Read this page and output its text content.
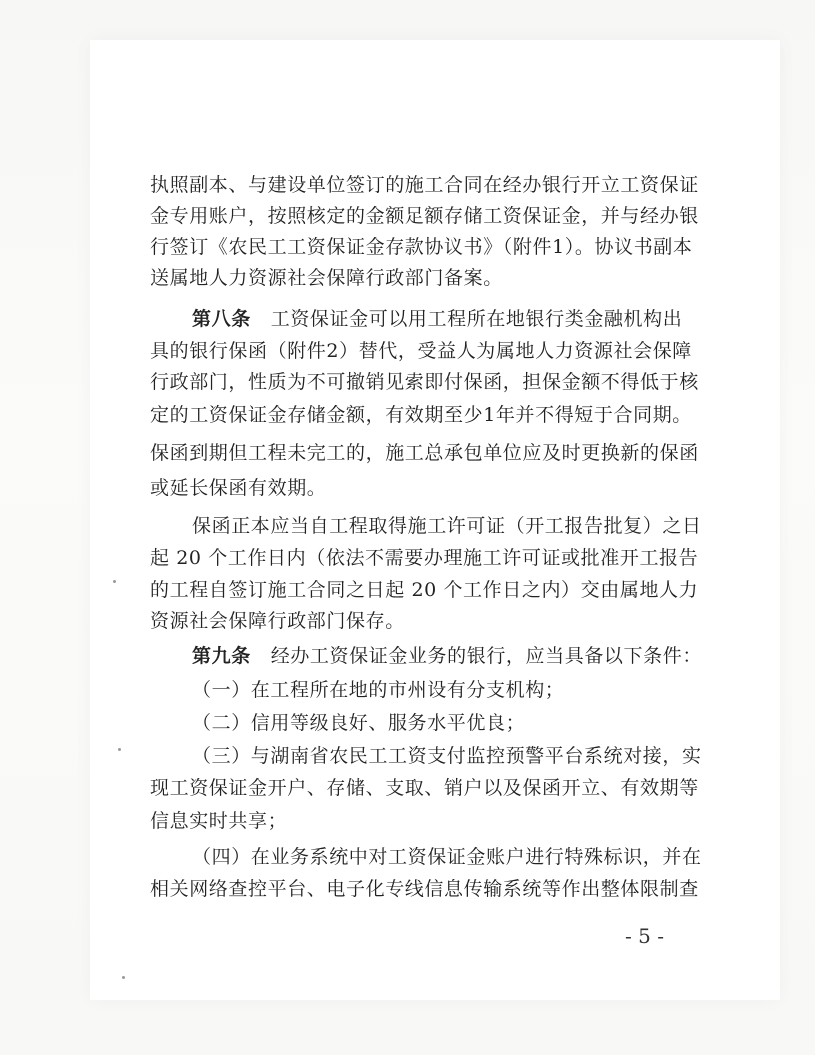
执照副本、与建设单位签订的施工合同在经办银行开立工资保证
金专用账户，按照核定的金额足额存储工资保证金，并与经办银
行签订《农民工工资保证金存款协议书》（附件1）。协议书副本
送属地人力资源社会保障行政部门备案。
第八条 工资保证金可以用工程所在地银行类金融机构出
具的银行保函（附件2）替代，受益人为属地人力资源社会保障
行政部门，性质为不可撤销见索即付保函，担保金额不得低于核
定的工资保证金存储金额，有效期至少1年并不得短于合同期。
保函到期但工程未完工的，施工总承包单位应及时更换新的保函
或延长保函有效期。
保函正本应当自工程取得施工许可证（开工报告批复）之日
起 20 个工作日内（依法不需要办理施工许可证或批准开工报告
的工程自签订施工合同之日起 20 个工作日之内）交由属地人力
资源社会保障行政部门保存。
第九条 经办工资保证金业务的银行，应当具备以下条件：
（一）在工程所在地的市州设有分支机构；
（二）信用等级良好、服务水平优良；
（三）与湖南省农民工工资支付监控预警平台系统对接，实
现工资保证金开户、存储、支取、销户以及保函开立、有效期等
信息实时共享；
（四）在业务系统中对工资保证金账户进行特殊标识，并在
相关网络查控平台、电子化专线信息传输系统等作出整体限制查
- 5 -
